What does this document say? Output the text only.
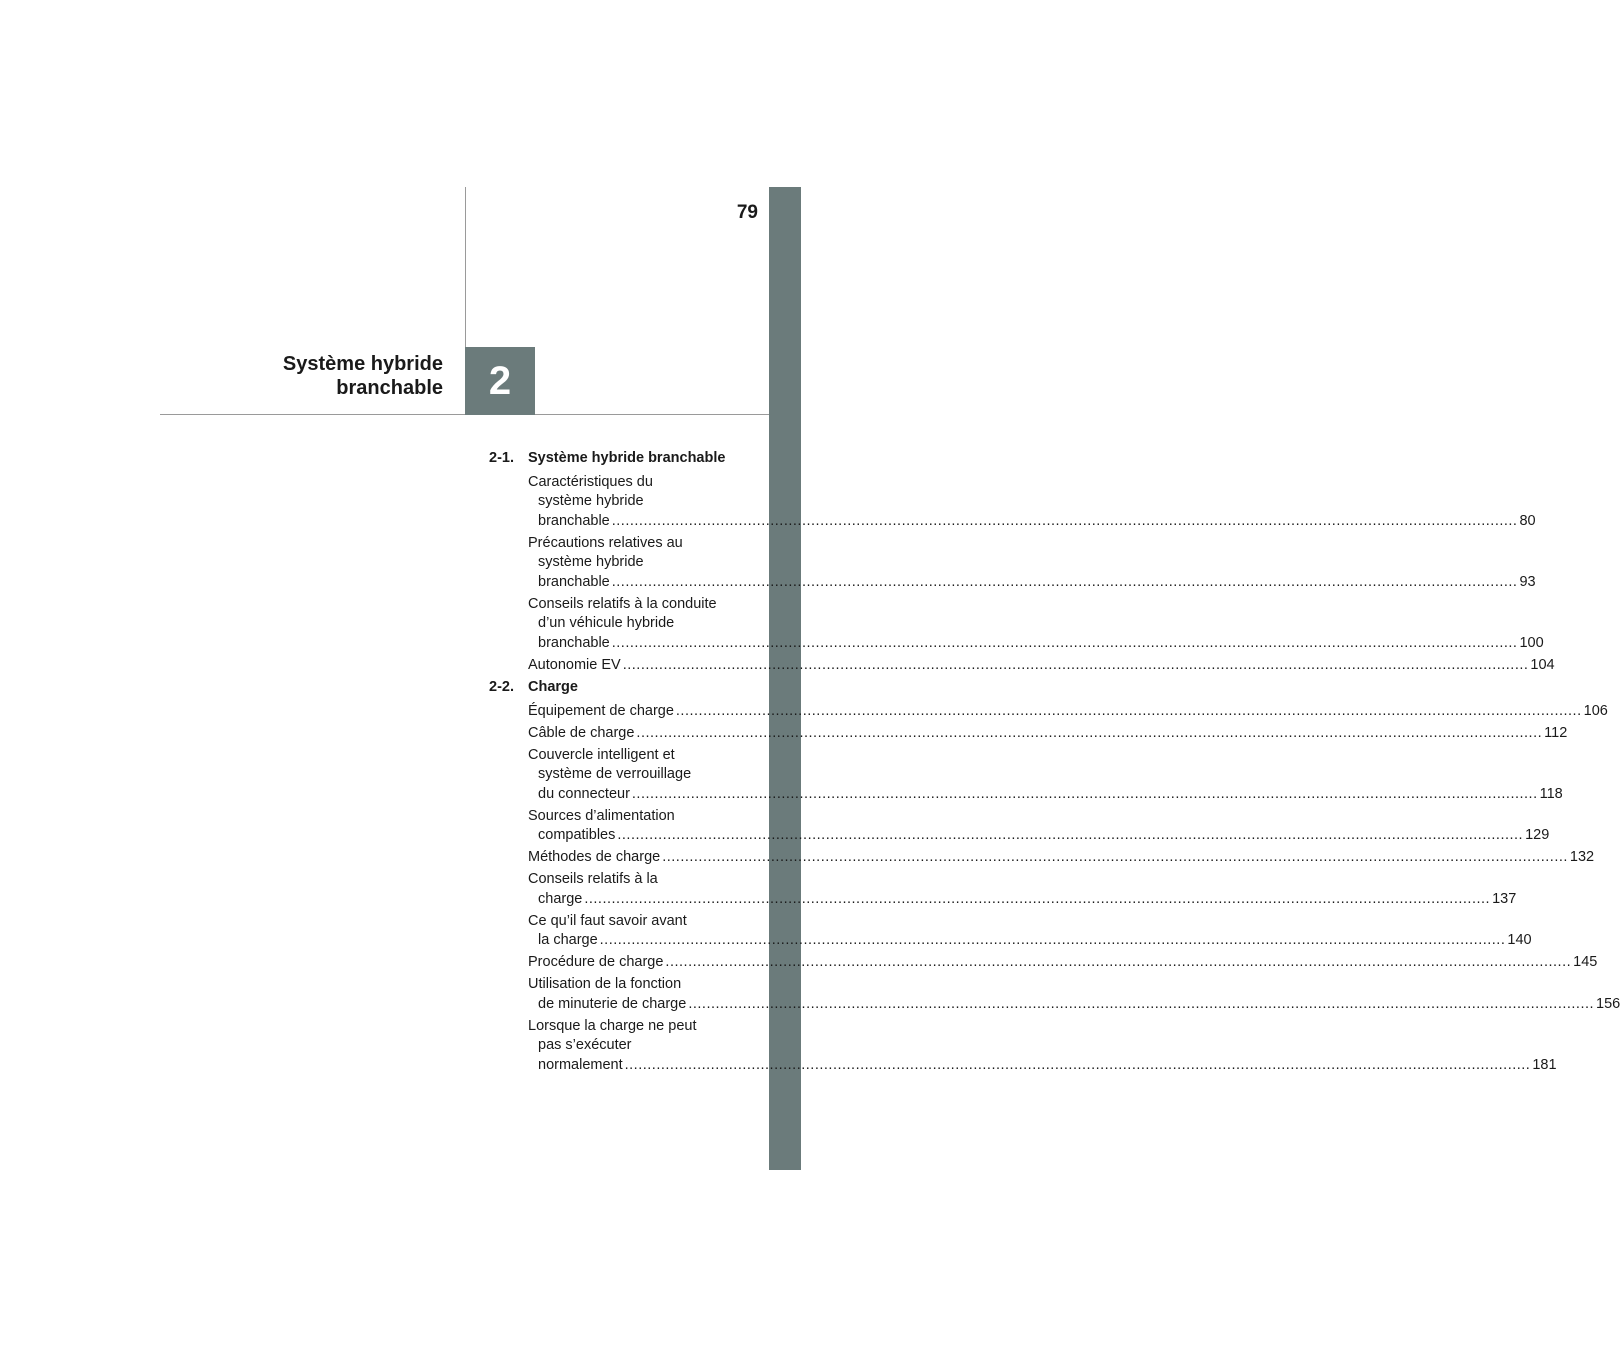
79
Système hybride
branchable	2
2-1. Système hybride branchable
Caractéristiques du
système hybride
branchable ........................................................................................................................................................................................................ 80
Précautions relatives au
système hybride
branchable ........................................................................................................................................................................................................ 93
Conseils relatifs à la conduite
d’un véhicule hybride
branchable ........................................................................................................................................................................................................ 100
Autonomie EV ........................................................................................................................................................................................................ 104
2-2. Charge
Équipement de charge ........................................................................................................................................................................................................ 106
Câble de charge ........................................................................................................................................................................................................ 112
Couvercle intelligent et
système de verrouillage
du connecteur ........................................................................................................................................................................................................ 118
Sources d’alimentation
compatibles ........................................................................................................................................................................................................ 129
Méthodes de charge ........................................................................................................................................................................................................ 132
Conseils relatifs à la
charge ........................................................................................................................................................................................................ 137
Ce qu’il faut savoir avant
la charge ........................................................................................................................................................................................................ 140
Procédure de charge ........................................................................................................................................................................................................ 145
Utilisation de la fonction
de minuterie de charge ........................................................................................................................................................................................................ 156
Lorsque la charge ne peut
pas s’exécuter
normalement ........................................................................................................................................................................................................ 181
